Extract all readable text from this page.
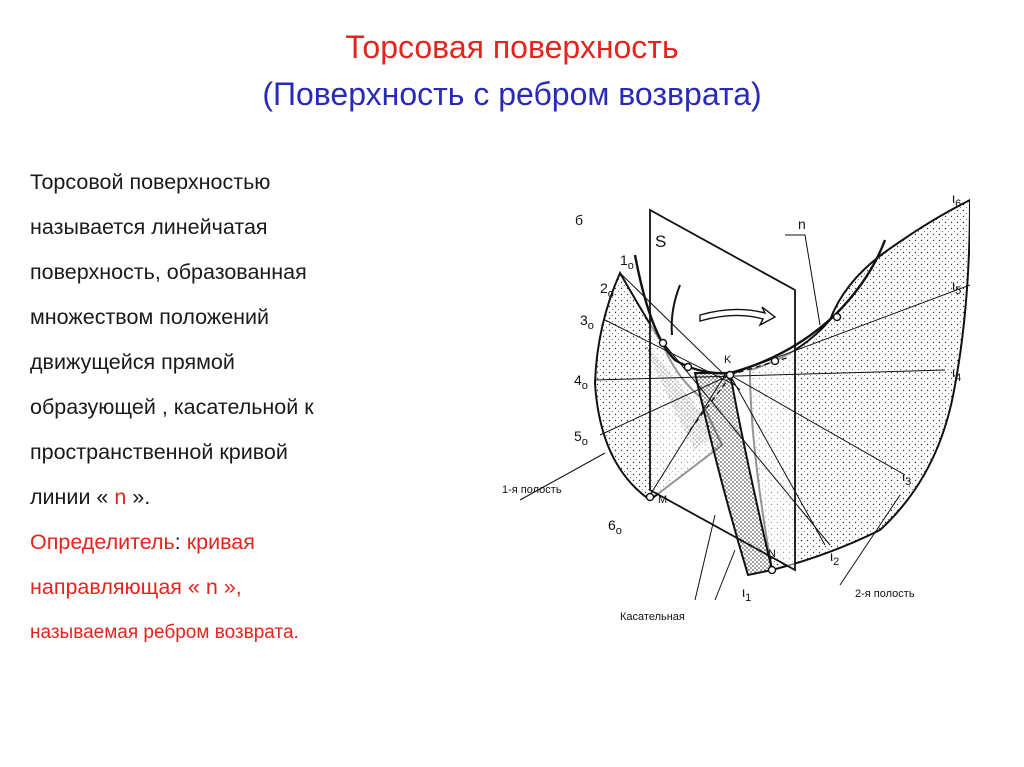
Торсовая поверхность
(Поверхность с ребром возврата)
Торсовой поверхностью
называется линейчатая
поверхность, образованная
множеством положений
движущейся прямой
образующей , касательной к
пространственной кривой
линии « n ».
Определитель: кривая
направляющая « n »,
называемая ребром возврата.
б
S
n
K
M
N
$1_o$
$2_o$
$3_o$
$4_o$
$5_o$
$6_o$
$\iota_1$
$\iota_2$
$\iota_3$
$\iota_4$
$\iota_5$
$\iota_6$
1-я полость
2-я полость
Касательная
